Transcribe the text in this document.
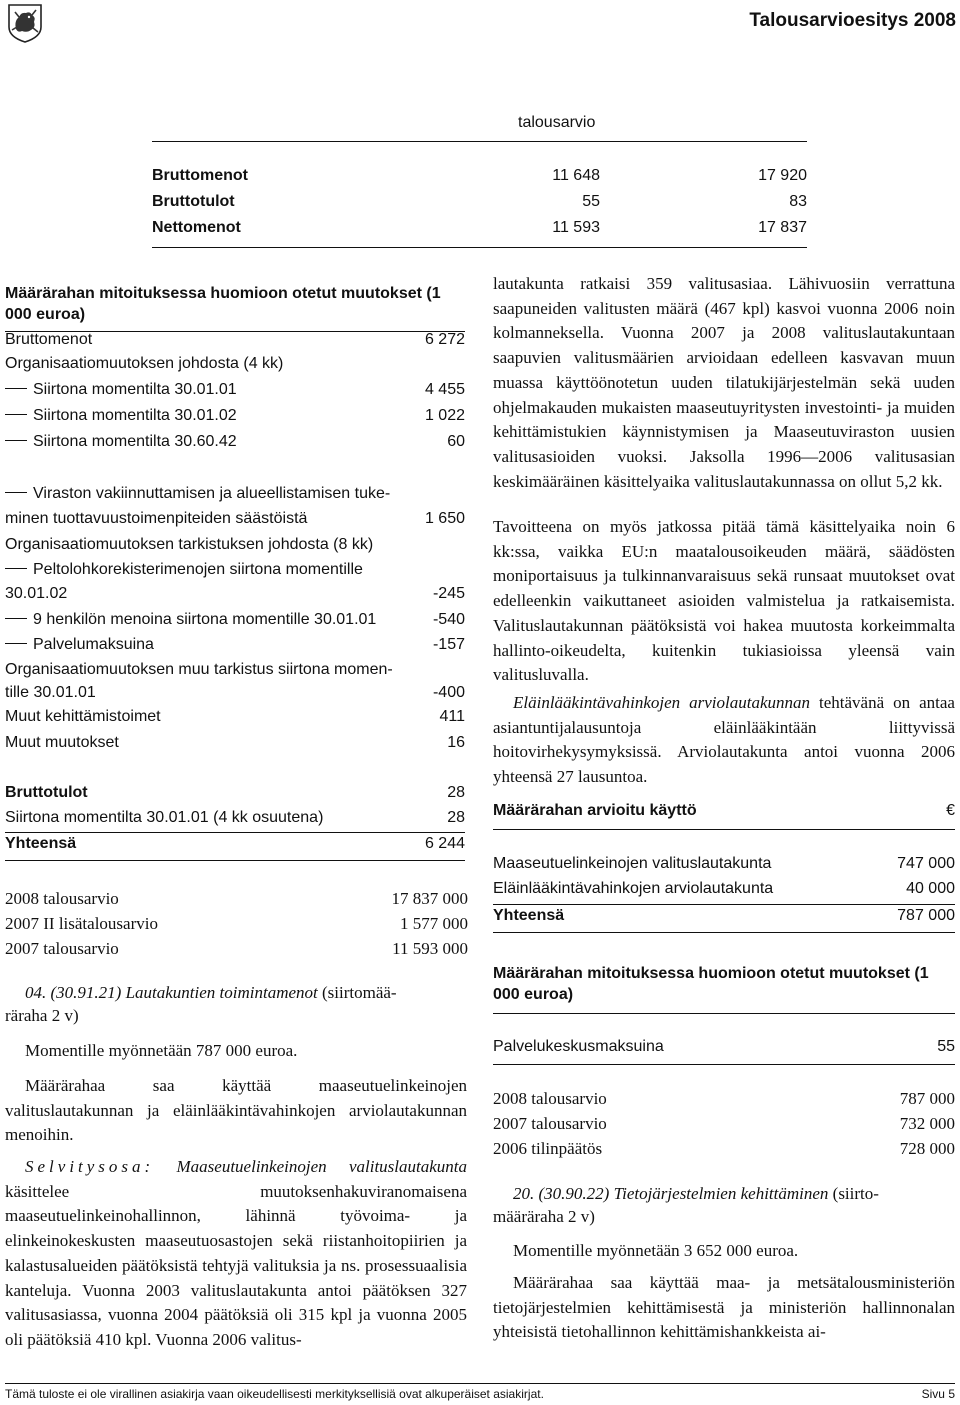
Talousarvioesitys 2008
talousarvio
Bruttomenot	11 648	17 920
Bruttotulot	55	83
Nettomenot	11 593	17 837
Määrärahan mitoituksessa huomioon otetut muutokset (1 000 euroa)
Bruttomenot	6 272
Organisaatiomuutoksen johdosta (4 kk)
Siirtona momentilta 30.01.01	4 455
Siirtona momentilta 30.01.02	1 022
Siirtona momentilta 30.60.42	60
Viraston vakiinnuttamisen ja alueellistamisen tuke-
minen tuottavuustoimenpiteiden säästöistä	1 650
Organisaatiomuutoksen tarkistuksen johdosta (8 kk)
Peltolohkorekisterimenojen siirtona momentille
30.01.02	-245
9 henkilön menoina siirtona momentille 30.01.01	-540
Palvelumaksuina	-157
Organisaatiomuutoksen muu tarkistus siirtona momen-
tille 30.01.01	-400
Muut kehittämistoimet	411
Muut muutokset	16
Bruttotulot	28
Siirtona momentilta 30.01.01 (4 kk osuutena)	28
Yhteensä	6 244
2008 talousarvio	17 837 000
2007 II lisätalousarvio	1 577 000
2007 talousarvio	11 593 000
04. (30.91.21) Lautakuntien toimintamenot (siirtomää-
räraha 2 v)
Momentille myönnetään 787 000 euroa.
Määrärahaa saa käyttää maaseutuelinkeinojen valituslautakunnan ja eläinlääkintävahinkojen arviolautakunnan menoihin.
Selvitysosa: Maaseutuelinkeinojen valituslautakunta käsittelee muutoksenhakuviranomaisena maaseutuelinkeinohallinnon, lähinnä työvoima- ja elinkeinokeskusten maaseutuosastojen sekä riistanhoitopiirien ja kalastusalueiden päätöksistä tehtyjä valituksia ja ns. prosessuaalisia kanteluja. Vuonna 2003 valituslautakunta antoi päätöksen 327 valitusasiassa, vuonna 2004 päätöksiä oli 315 kpl ja vuonna 2005 oli päätöksiä 410 kpl. Vuonna 2006 valitus-
lautakunta ratkaisi 359 valitusasiaa. Lähivuosiin verrattuna saapuneiden valitusten määrä (467 kpl) kasvoi vuonna 2006 noin kolmanneksella. Vuonna 2007 ja 2008 valituslautakuntaan saapuvien valitusmäärien arvioidaan edelleen kasvavan muun muassa käyttöönotetun uuden tilatukijärjestelmän sekä uuden ohjelmakauden mukaisten maaseutuyritysten investointi- ja muiden kehittämistukien käynnistymisen ja Maaseutuviraston uusien valitusasioiden vuoksi. Jaksolla 1996—2006 valitusasian keskimääräinen käsittelyaika valituslautakunnassa on ollut 5,2 kk.
Tavoitteena on myös jatkossa pitää tämä käsittelyaika noin 6 kk:ssa, vaikka EU:n maatalousoikeuden määrä, säädösten moniportaisuus ja tulkinnanvaraisuus sekä runsaat muutokset ovat edelleenkin vaikuttaneet asioiden valmistelua ja ratkaisemista. Valituslautakunnan päätöksistä voi hakea muutosta korkeimmalta hallinto-oikeudelta, kuitenkin tukiasioissa yleensä vain valitusluvalla.
Eläinlääkintävahinkojen arviolautakunnan tehtävänä on antaa asiantuntijalausuntoja eläinlääkintään liittyvissä hoitovirhekysymyksissä. Arviolautakunta antoi vuonna 2006 yhteensä 27 lausuntoa.
Määrärahan arvioitu käyttö	€
Maaseutuelinkeinojen valituslautakunta	747 000
Eläinlääkintävahinkojen arviolautakunta	40 000
Yhteensä	787 000
Määrärahan mitoituksessa huomioon otetut muutokset (1 000 euroa)
Palvelukeskusmaksuina	55
2008 talousarvio	787 000
2007 talousarvio	732 000
2006 tilinpäätös	728 000
20. (30.90.22) Tietojärjestelmien kehittäminen (siirto-
määräraha 2 v)
Momentille myönnetään 3 652 000 euroa.
Määrärahaa saa käyttää maa- ja metsätalousministeriön tietojärjestelmien kehittämisestä ja ministeriön hallinnonalan yhteisistä tietohallinnon kehittämishankkeista ai-
Tämä tuloste ei ole virallinen asiakirja vaan oikeudellisesti merkityksellisiä ovat alkuperäiset asiakirjat.	Sivu 5
